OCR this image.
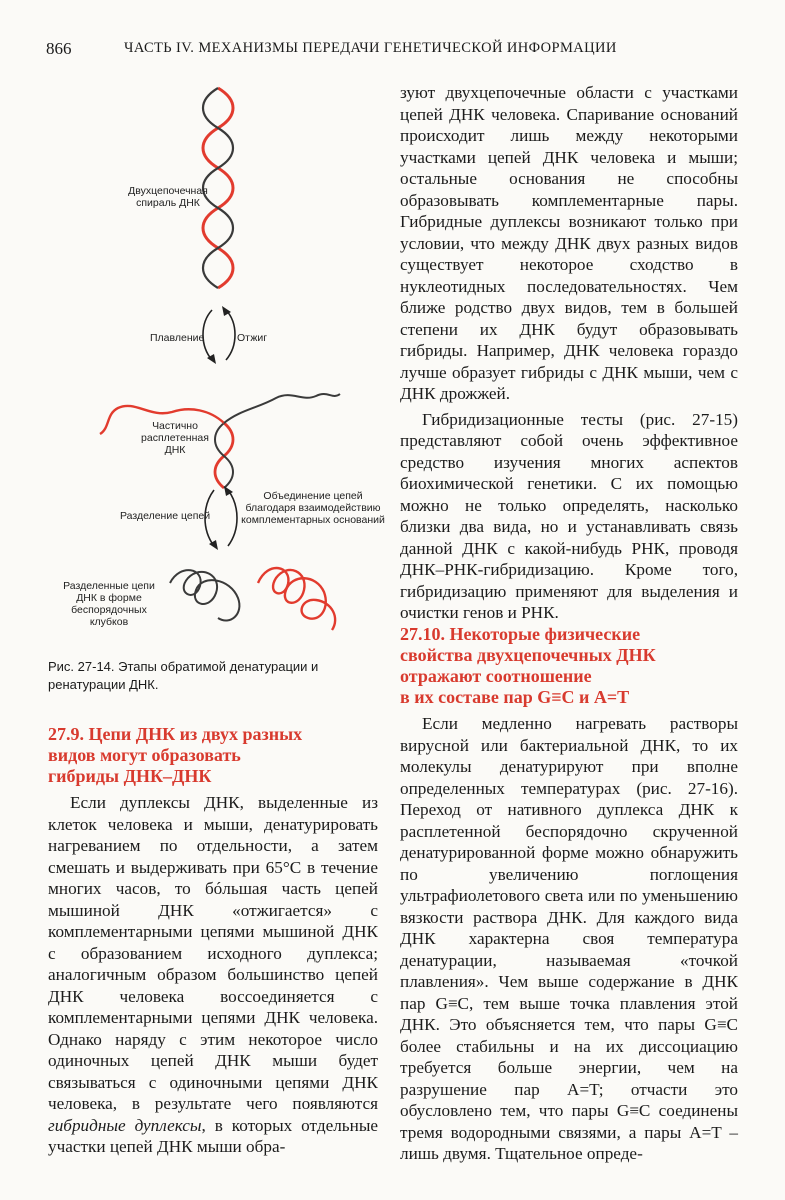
866	ЧАСТЬ IV. МЕХАНИЗМЫ ПЕРЕДАЧИ ГЕНЕТИЧЕСКОЙ ИНФОРМАЦИИ
Двухцепочечная спираль ДНК
Плавление	Отжиг
Частично расплетенная ДНК
Разделение цепей
Объединение цепей благодаря взаимодействию комплементарных оснований
Разделенные цепи ДНК в форме беспорядочных клубков
Рис. 27-14. Этапы обратимой денатурации и ренатурации ДНК.

зуют двухцепочечные области с участками цепей ДНК человека. Спаривание оснований происходит лишь между некоторыми участками цепей ДНК человека и мыши; остальные основания не способны образовывать комплементарные пары. Гибридные дуплексы возникают только при условии, что между ДНК двух разных видов существует некоторое сходство в нуклеотидных последовательностях. Чем ближе родство двух видов, тем в большей степени их ДНК будут образовывать гибриды. Например, ДНК человека гораздо лучше образует гибриды с ДНК мыши, чем с ДНК дрожжей.

Гибридизационные тесты (рис. 27-15) представляют собой очень эффективное средство изучения многих аспектов биохимической генетики. С их помощью можно не только определять, насколько близки два вида, но и устанавливать связь данной ДНК с какой-нибудь РНК, проводя ДНК–РНК-гибридизацию. Кроме того, гибридизацию применяют для выделения и очистки генов и РНК.

27.10. Некоторые физические
свойства двухцепочечных ДНК
отражают соотношение
в их составе пар G≡C и A=T
27.9. Цепи ДНК из двух разных
видов могут образовать
гибриды ДНК–ДНК

Если дуплексы ДНК, выделенные из клеток человека и мыши, денатурировать нагреванием по отдельности, а затем смешать и выдерживать при 65°С в течение многих часов, то бóльшая часть цепей мышиной ДНК «отжигается» с комплементарными цепями мышиной ДНК с образованием исходного дуплекса; аналогичным образом большинство цепей ДНК человека воссоединяется с комплементарными цепями ДНК человека. Однако наряду с этим некоторое число одиночных цепей ДНК мыши будет связываться с одиночными цепями ДНК человека, в результате чего появляются гибридные дуплексы, в которых отдельные участки цепей ДНК мыши обра-

Если медленно нагревать растворы вирусной или бактериальной ДНК, то их молекулы денатурируют при вполне определенных температурах (рис. 27-16). Переход от нативного дуплекса ДНК к расплетенной беспорядочно скрученной денатурированной форме можно обнаружить по увеличению поглощения ультрафиолетового света или по уменьшению вязкости раствора ДНК. Для каждого вида ДНК характерна своя температура денатурации, называемая «точкой плавления». Чем выше содержание в ДНК пар G≡C, тем выше точка плавления этой ДНК. Это объясняется тем, что пары G≡C более стабильны и на их диссоциацию требуется больше энергии, чем на разрушение пар A=T; отчасти это обусловлено тем, что пары G≡C соединены тремя водородными связями, а пары A=T – лишь двумя. Тщательное опреде-
